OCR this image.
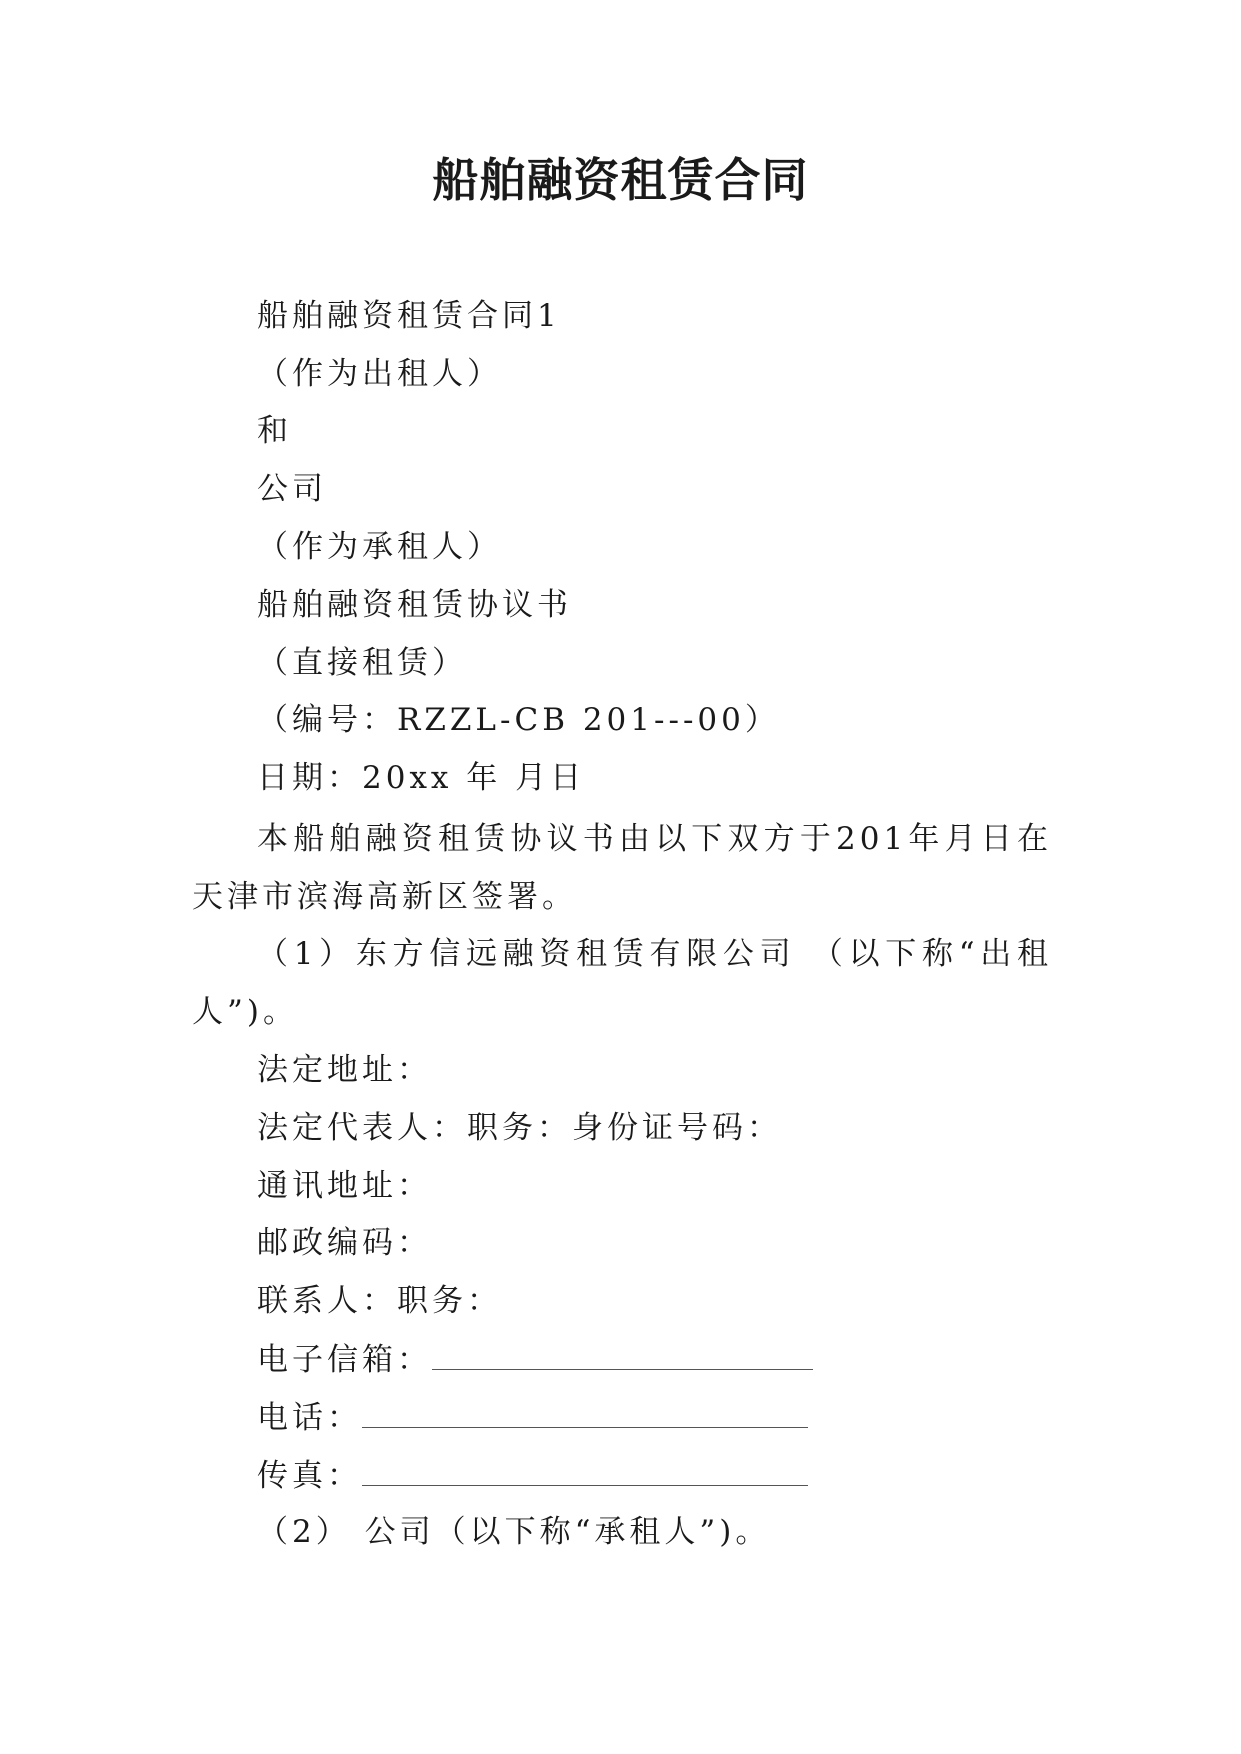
船舶融资租赁合同
船舶融资租赁合同1
（作为出租人）
和
公司
（作为承租人）
船舶融资租赁协议书
（直接租赁）
（编号：RZZL-CB 201---00）
日期：20xx 年 月日
本船舶融资租赁协议书由以下双方于201年月日在天津市滨海高新区签署。
（1）东方信远融资租赁有限公司 （以下称“出租人”)。
法定地址：
法定代表人：职务：身份证号码：
通讯地址：
邮政编码：
联系人：职务：
电子信箱：
电话：
传真：
（2） 公司（以下称“承租人”)。
